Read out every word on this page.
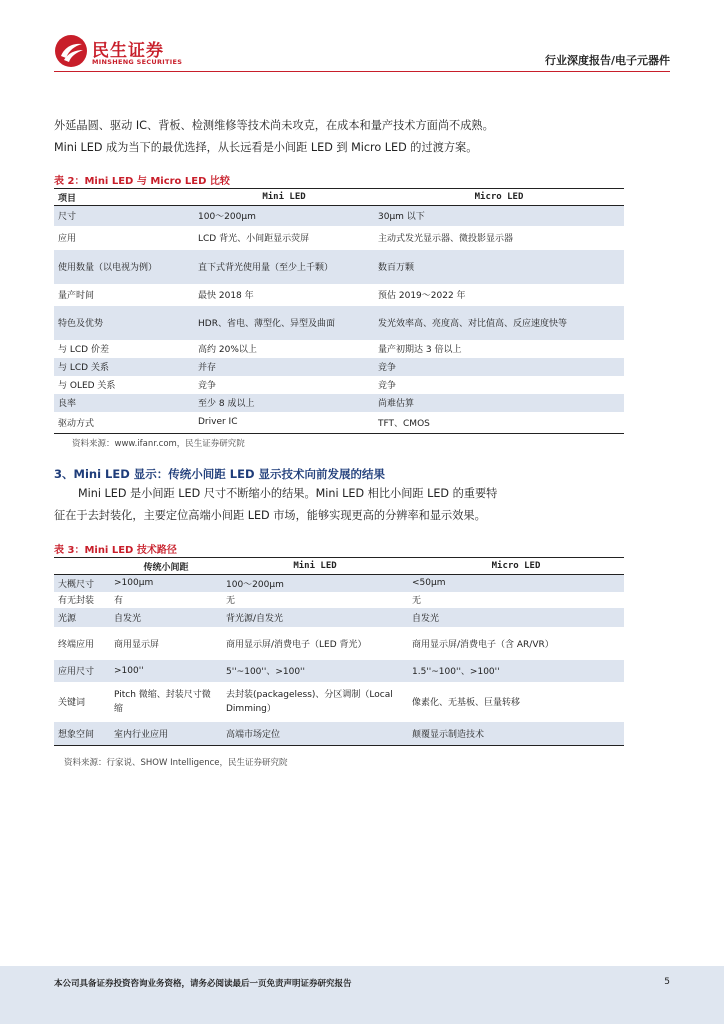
民生证券
MINSHENG SECURITIES	行业深度报告/电子元器件
外延晶圆、驱动 IC、背板、检测维修等技术尚未攻克，在成本和量产技术方面尚不成熟。
Mini LED 成为当下的最优选择，从长远看是小间距 LED 到 Micro LED 的过渡方案。
表 2：Mini LED 与 Micro LED 比较
项目	Mini LED	Micro LED
尺寸	100～200μm	30μm 以下
应用	LCD 背光、小间距显示荧屏	主动式发光显示器、微投影显示器
使用数量（以电视为例）	直下式背光使用量（至少上千颗）	数百万颗
量产时间	最快 2018 年	预估 2019～2022 年
特色及优势	HDR、省电、薄型化、异型及曲面	发光效率高、亮度高、对比值高、反应速度快等
与 LCD 价差	高约 20%以上	量产初期达 3 倍以上
与 LCD 关系	并存	竞争
与 OLED 关系	竞争	竞争
良率	至少 8 成以上	尚难估算
驱动方式	Driver IC	TFT、CMOS
资料来源：www.ifanr.com，民生证券研究院
3、Mini LED 显示：传统小间距 LED 显示技术向前发展的结果
Mini LED 是小间距 LED 尺寸不断缩小的结果。Mini LED 相比小间距 LED 的重要特
征在于去封装化，主要定位高端小间距 LED 市场，能够实现更高的分辨率和显示效果。
表 3：Mini LED 技术路径
	传统小间距	Mini LED	Micro LED
大概尺寸	>100μm	100～200μm	<50μm
有无封装	有	无	无
光源	自发光	背光源/自发光	自发光
终端应用	商用显示屏	商用显示屏/消费电子（LED 背光）	商用显示屏/消费电子（含 AR/VR）
应用尺寸	>100''	5''~100''、>100''	1.5''~100''、>100''
关键词	Pitch 微缩、封装尺寸微缩	去封装(packageless)、分区调制（Local Dimming）	像素化、无基板、巨量转移
想象空间	室内行业应用	高端市场定位	颠覆显示制造技术
资料来源：行家说、SHOW Intelligence，民生证券研究院
本公司具备证券投资咨询业务资格，请务必阅读最后一页免责声明证券研究报告	5
